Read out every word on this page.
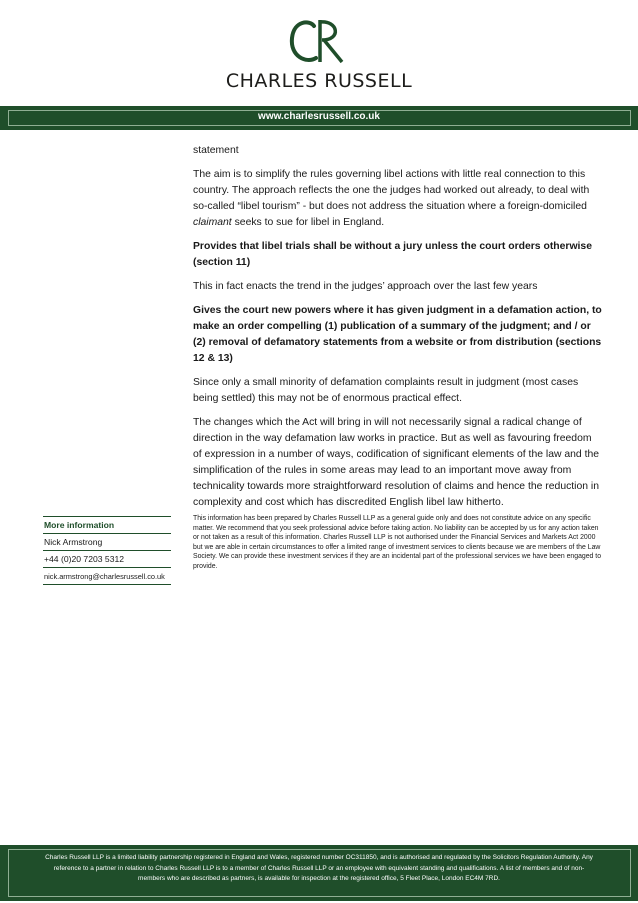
CHARLES RUSSELL
www.charlesrussell.co.uk

statement

The aim is to simplify the rules governing libel actions with little real connection to this country. The approach reflects the one the judges had worked out already, to deal with so-called “libel tourism” - but does not address the situation where a foreign-domiciled claimant seeks to sue for libel in England.

Provides that libel trials shall be without a jury unless the court orders otherwise (section 11)

This in fact enacts the trend in the judges’ approach over the last few years

Gives the court new powers where it has given judgment in a defamation action, to make an order compelling (1) publication of a summary of the judgment; and / or (2) removal of defamatory statements from a website or from distribution (sections 12 & 13)

Since only a small minority of defamation complaints result in judgment (most cases being settled) this may not be of enormous practical effect.

The changes which the Act will bring in will not necessarily signal a radical change of direction in the way defamation law works in practice. But as well as favouring freedom of expression in a number of ways, codification of significant elements of the law and the simplification of the rules in some areas may lead to an important move away from technicality towards more straightforward resolution of claims and hence the reduction in complexity and cost which has discredited English libel law hitherto.

More information
Nick Armstrong
+44 (0)20 7203 5312
nick.armstrong@charlesrussell.co.uk
This information has been prepared by Charles Russell LLP as a general guide only and does not constitute advice on any specific matter. We recommend that you seek professional advice before taking action. No liability can be accepted by us for any action taken or not taken as a result of this information. Charles Russell LLP is not authorised under the Financial Services and Markets Act 2000 but we are able in certain circumstances to offer a limited range of investment services to clients because we are members of the Law Society. We can provide these investment services if they are an incidental part of the professional services we have been engaged to provide.
Charles Russell LLP is a limited liability partnership registered in England and Wales, registered number OC311850, and is authorised and regulated by the Solicitors Regulation Authority. Any reference to a partner in relation to Charles Russell LLP is to a member of Charles Russell LLP or an employee with equivalent standing and qualifications. A list of members and of non-members who are described as partners, is available for inspection at the registered office, 5 Fleet Place, London EC4M 7RD.
